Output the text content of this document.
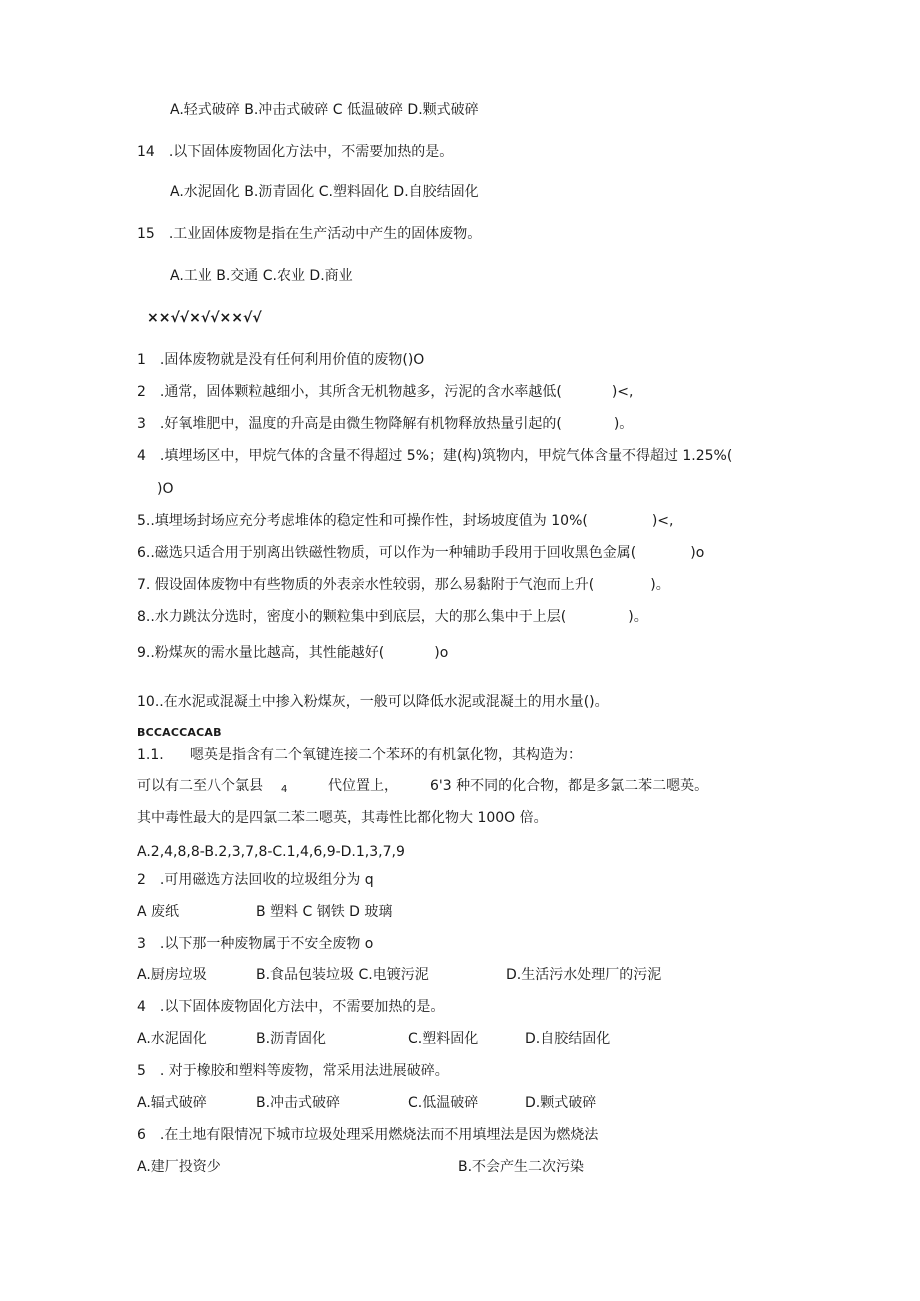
A.轻式破碎 B.冲击式破碎 C 低温破碎 D.颗式破碎
14　.以下固体废物固化方法中，不需要加热的是。
A.水泥固化 B.沥青固化 C.塑料固化 D.自胶结固化
15　.工业固体废物是指在生产活动中产生的固体废物。
A.工业 B.交通 C.农业 D.商业
××√√×√√××√√
1　.固体废物就是没有任何利用价值的废物()O
2　.通常，固体颗粒越细小，其所含无机物越多，污泥的含水率越低(	)<,
3　.好氧堆肥中，温度的升高是由微生物降解有机物释放热量引起的(	)。
4　.填埋场区中，甲烷气体的含量不得超过 5%；建(构)筑物内，甲烷气体含量不得超过 1.25%(
)O
5..填埋场封场应充分考虑堆体的稳定性和可操作性，封场坡度值为 10%(	)<,
6..磁选只适合用于别离出铁磁性物质，可以作为一种辅助手段用于回收黑色金属(	)o
7. 假设固体废物中有些物质的外表亲水性较弱，那么易黏附于气泡而上升(	)。
8..水力跳汰分选时，密度小的颗粒集中到底层，大的那么集中于上层(	)。
9..粉煤灰的需水量比越高，其性能越好(	)o
10..在水泥或混凝土中掺入粉煤灰，一般可以降低水泥或混凝土的用水量()。
BCCACCACAB
1.1. 嗯英是指含有二个氧键连接二个苯环的有机氯化物，其构造为：
可以有二至八个氯县 4	代位置上， 6'3 种不同的化合物，都是多氯二苯二嗯英。
其中毒性最大的是四氯二苯二嗯英，其毒性比都化物大 100O 倍。
A.2,4,8,8-B.2,3,7,8-C.1,4,6,9-D.1,3,7,9
2　.可用磁选方法回收的垃圾组分为 q
A 废纸	B 塑料 C 钢铁 D 玻璃
3　.以下那一种废物属于不安全废物 o
A.厨房垃圾	B.食品包装垃圾 C.电镀污泥	D.生活污水处理厂的污泥
4　.以下固体废物固化方法中，不需要加热的是。
A.水泥固化	B.沥青固化	C.塑料固化	D.自胶结固化
5　. 对于橡胶和塑料等废物，常采用法进展破碎。
A.辐式破碎	B.冲击式破碎	C.低温破碎	D.颗式破碎
6　.在土地有限情况下城市垃圾处理采用燃烧法而不用填埋法是因为燃烧法
A.建厂投资少	B.不会产生二次污染
